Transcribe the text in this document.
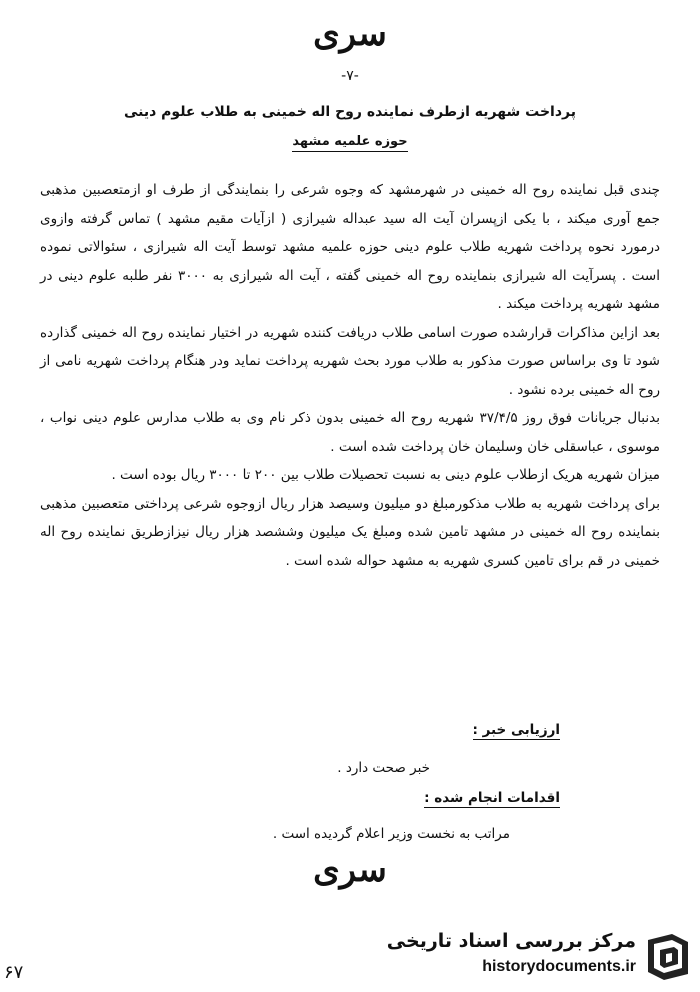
سری
-۷-
پرداخت شهریه ازطرف نماینده روح اله خمینی به طلاب علوم دینی
حوزه علمیه مشهد

چندی قبل نماینده روح اله خمینی در شهرمشهد که وجوه شرعی را بنمایندگی از طرف او ازمتعصبین مذهبی جمع آوری میکند ، با یکی ازپسران آیت اله سید عبداله شیرازی ( ازآیات مقیم مشهد ) تماس گرفته وازوی درمورد نحوه پرداخت شهریه طلاب علوم دینی حوزه علمیه مشهد توسط آیت اله شیرازی ، سئوالاتی نموده است . پسرآیت اله شیرازی بنماینده روح اله خمینی گفته ، آیت اله شیرازی به ۳۰۰۰ نفر طلبه علوم دینی در مشهد شهریه پرداخت میکند .

بعد ازاین مذاکرات قرارشده صورت اسامی طلاب دریافت کننده شهریه در اختیار نماینده روح اله خمینی گذارده شود تا وی براساس صورت مذکور به طلاب مورد بحث شهریه پرداخت نماید ودر هنگام پرداخت شهریه نامی از روح اله خمینی برده نشود .

بدنبال جریانات فوق روز ۳۷/۴/۵ شهریه روح اله خمینی بدون ذکر نام وی به طلاب مدارس علوم دینی نواب ، موسوی ، عباسقلی خان وسلیمان خان پرداخت شده است .

میزان شهریه هریک ازطلاب علوم دینی به نسبت تحصیلات طلاب بین ۲۰۰ تا ۳۰۰۰ ریال بوده است .

برای پرداخت شهریه به طلاب مذکورمبلغ دو میلیون وسیصد هزار ریال ازوجوه شرعی پرداختی متعصبین مذهبی بنماینده روح اله خمینی در مشهد تامین شده ومبلغ یک میلیون وششصد هزار ریال نیزازطریق نماینده روح اله خمینی در قم برای تامین کسری شهریه به مشهد حواله شده است .

ارزیابی خبر :
خبر صحت دارد .
اقدامات انجام شده :
مراتب به نخست وزیر اعلام گردیده است .
سری
۶۷
مرکز بررسی اسناد تاریخی
historydocuments.ir
